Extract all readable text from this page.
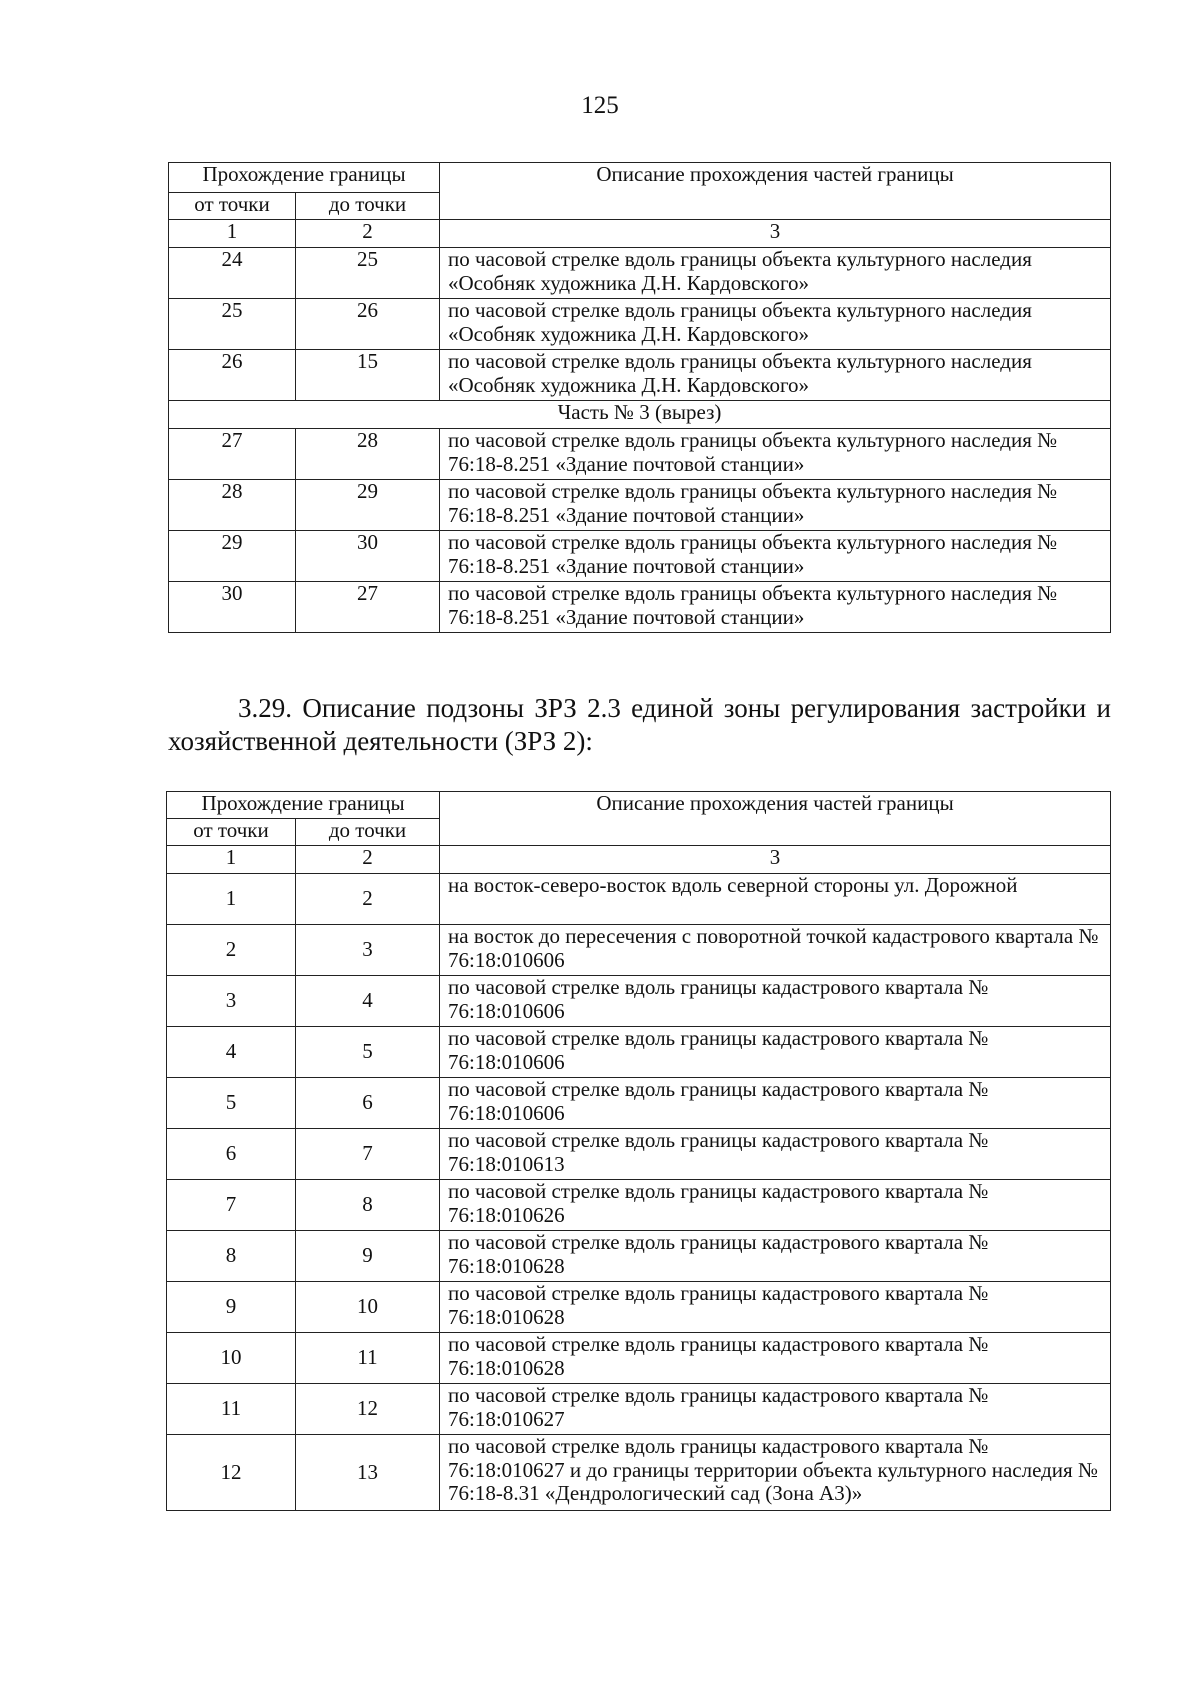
125
Прохождение границы		Описание прохождения частей границы
от точки	до точки	
1	2	3
24	25	по часовой стрелке вдоль границы объекта культурного наследия «Особняк художника Д.Н. Кардовского»
25	26	по часовой стрелке вдоль границы объекта культурного наследия «Особняк художника Д.Н. Кардовского»
26	15	по часовой стрелке вдоль границы объекта культурного наследия «Особняк художника Д.Н. Кардовского»
Часть № 3 (вырез)		
27	28	по часовой стрелке вдоль границы объекта культурного наследия № 76:18-8.251 «Здание почтовой станции»
28	29	по часовой стрелке вдоль границы объекта культурного наследия № 76:18-8.251 «Здание почтовой станции»
29	30	по часовой стрелке вдоль границы объекта культурного наследия № 76:18-8.251 «Здание почтовой станции»
30	27	по часовой стрелке вдоль границы объекта культурного наследия № 76:18-8.251 «Здание почтовой станции»
3.29. Описание подзоны ЗРЗ 2.3 единой зоны регулирования застройки и хозяйственной деятельности (ЗРЗ 2):
Прохождение границы		Описание прохождения частей границы
от точки	до точки	
1	2	3
1	2	на восток-северо-восток вдоль северной стороны ул. Дорожной
2	3	на восток до пересечения с поворотной точкой кадастрового квартала № 76:18:010606
3	4	по часовой стрелке вдоль границы кадастрового квартала № 76:18:010606
4	5	по часовой стрелке вдоль границы кадастрового квартала № 76:18:010606
5	6	по часовой стрелке вдоль границы кадастрового квартала № 76:18:010606
6	7	по часовой стрелке вдоль границы кадастрового квартала № 76:18:010613
7	8	по часовой стрелке вдоль границы кадастрового квартала № 76:18:010626
8	9	по часовой стрелке вдоль границы кадастрового квартала № 76:18:010628
9	10	по часовой стрелке вдоль границы кадастрового квартала № 76:18:010628
10	11	по часовой стрелке вдоль границы кадастрового квартала № 76:18:010628
11	12	по часовой стрелке вдоль границы кадастрового квартала № 76:18:010627
12	13	по часовой стрелке вдоль границы кадастрового квартала № 76:18:010627 и до границы территории объекта культурного наследия № 76:18-8.31 «Дендрологический сад (Зона А3)»
